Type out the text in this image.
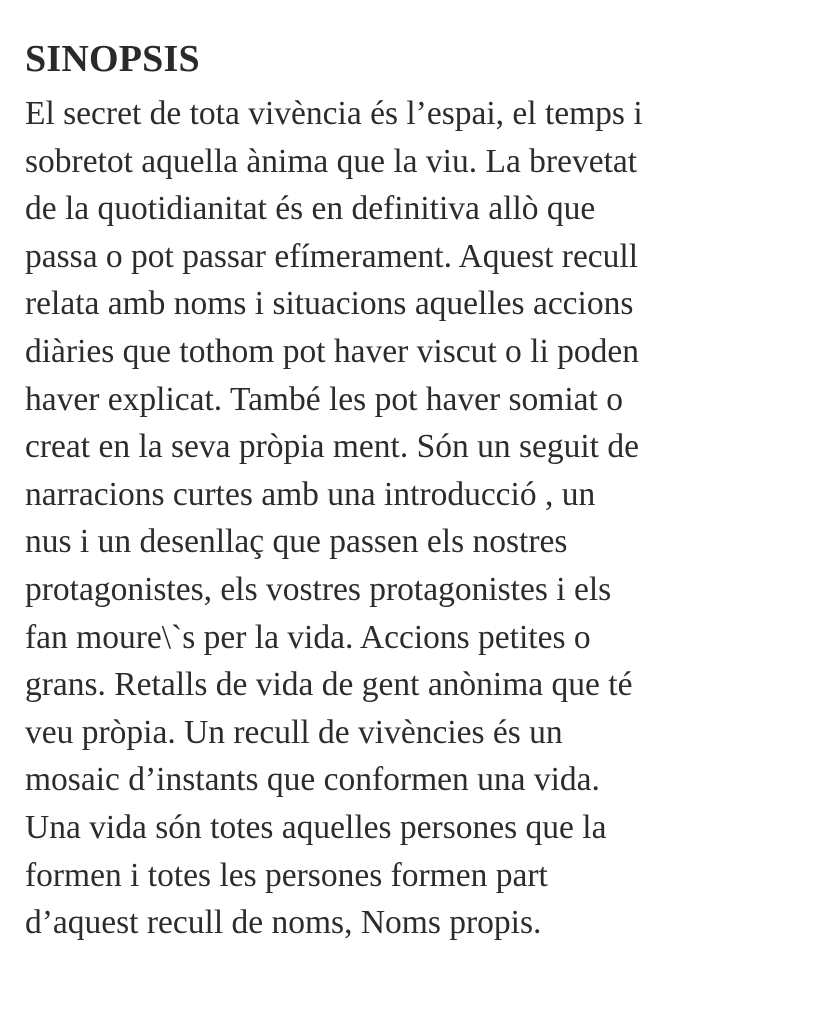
SINOPSIS

El secret de tota vivència és l’espai, el temps i
sobretot aquella ànima que la viu. La brevetat
de la quotidianitat és en definitiva allò que
passa o pot passar efímerament. Aquest recull
relata amb noms i situacions aquelles accions
diàries que tothom pot haver viscut o li poden
haver explicat. També les pot haver somiat o
creat en la seva pròpia ment. Són un seguit de
narracions curtes amb una introducció , un
nus i un desenllaç que passen els nostres
protagonistes, els vostres protagonistes i els
fan moure\`s per la vida. Accions petites o
grans. Retalls de vida de gent anònima que té
veu pròpia. Un recull de vivències és un
mosaic d’instants que conformen una vida.
Una vida són totes aquelles persones que la
formen i totes les persones formen part
d’aquest recull de noms, Noms propis.
